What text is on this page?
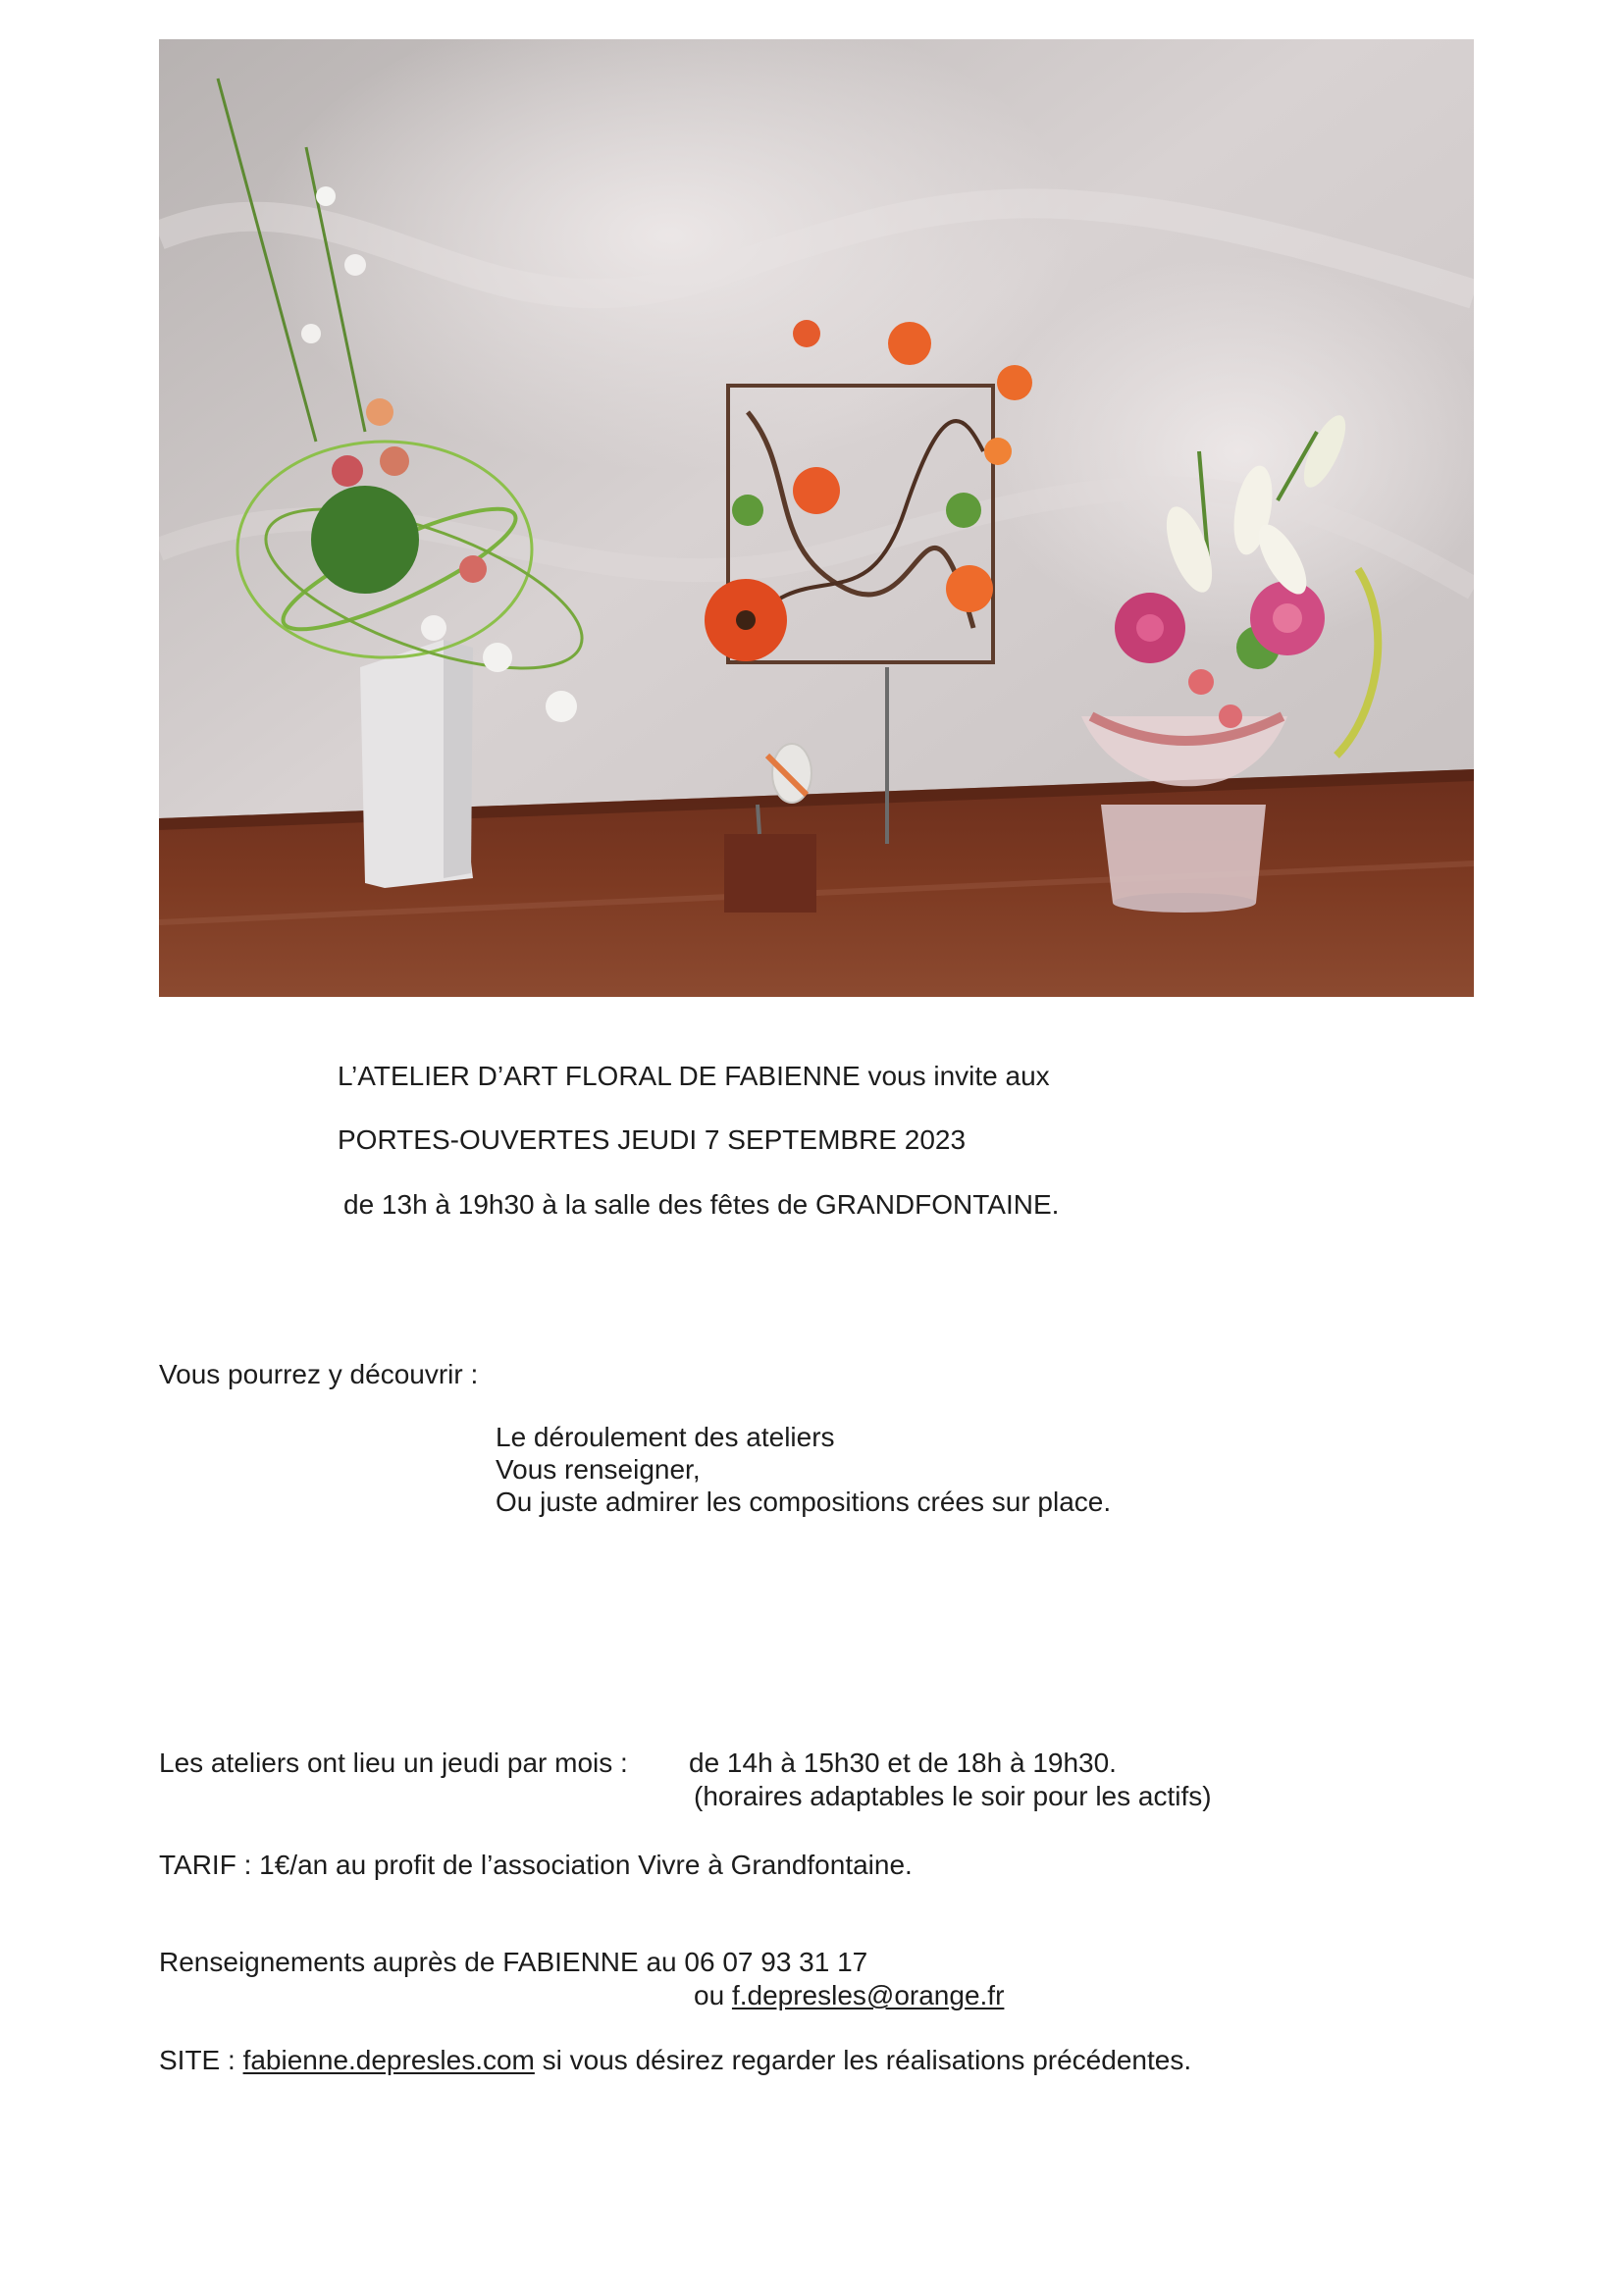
L’ATELIER D’ART FLORAL DE FABIENNE vous invite aux
PORTES-OUVERTES JEUDI 7 SEPTEMBRE 2023
de 13h à 19h30 à la salle des fêtes de GRANDFONTAINE.
Vous pourrez y découvrir :
Le déroulement des ateliers
Vous renseigner,
Ou juste admirer les compositions crées sur place.
Les ateliers ont lieu un jeudi par mois : de 14h à 15h30 et de 18h à 19h30.
(horaires adaptables le soir pour les actifs)
TARIF : 1€/an au profit de l’association Vivre à Grandfontaine.
Renseignements auprès de FABIENNE au 06 07 93 31 17
ou f.depresles@orange.fr
SITE : fabienne.depresles.com si vous désirez regarder les réalisations précédentes.
